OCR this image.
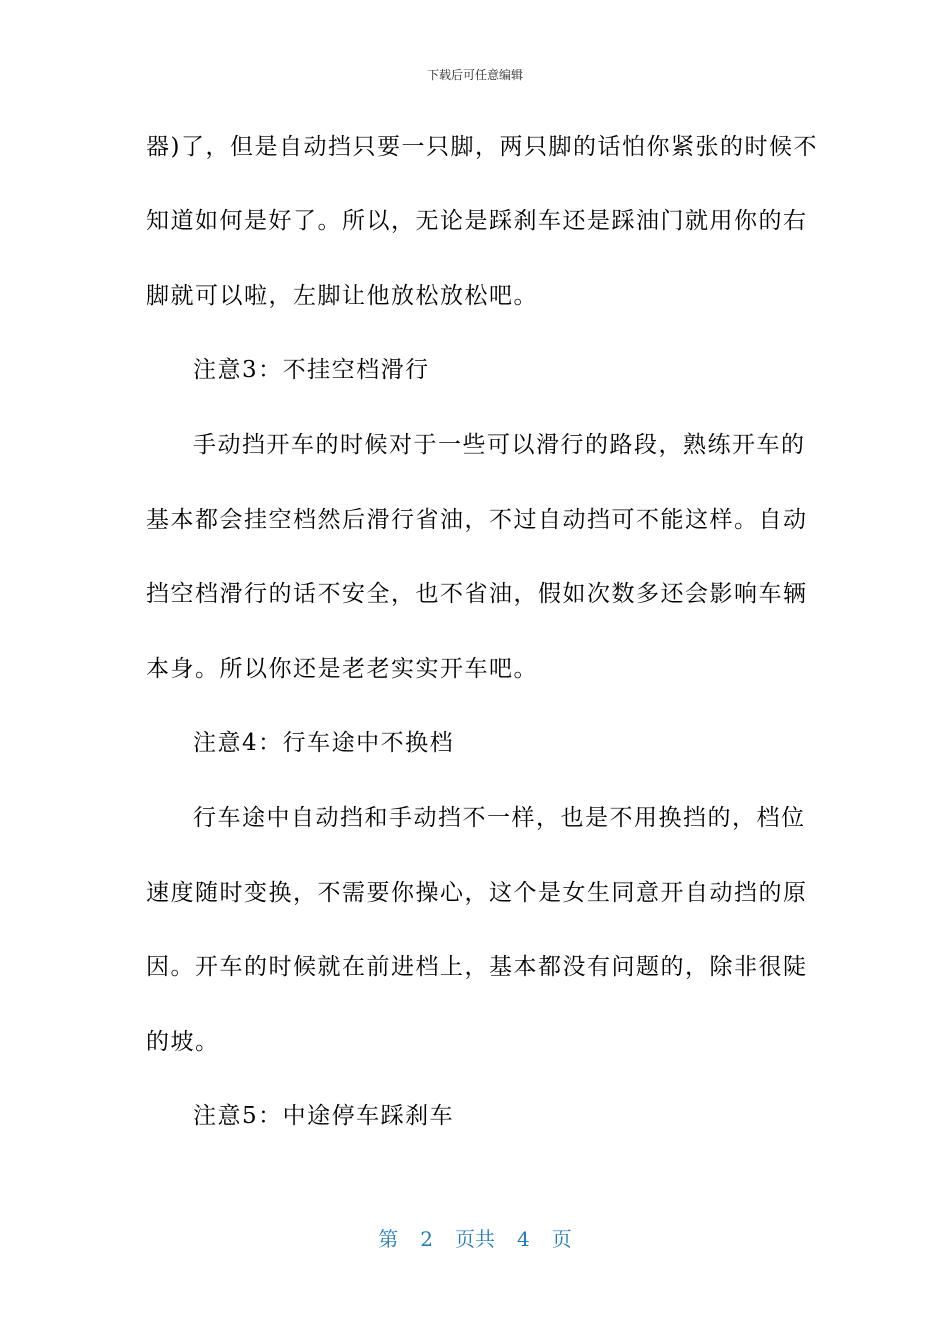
下载后可任意编辑
器)了，但是自动挡只要一只脚，两只脚的话怕你紧张的时候不
知道如何是好了。所以，无论是踩刹车还是踩油门就用你的右
脚就可以啦，左脚让他放松放松吧。
注意3：不挂空档滑行
手动挡开车的时候对于一些可以滑行的路段，熟练开车的
基本都会挂空档然后滑行省油，不过自动挡可不能这样。自动
挡空档滑行的话不安全，也不省油，假如次数多还会影响车辆
本身。所以你还是老老实实开车吧。
注意4：行车途中不换档
行车途中自动挡和手动挡不一样，也是不用换挡的，档位
速度随时变换，不需要你操心，这个是女生同意开自动挡的原
因。开车的时候就在前进档上，基本都没有问题的，除非很陡
的坡。
注意5：中途停车踩刹车
第 2 页共 4 页
